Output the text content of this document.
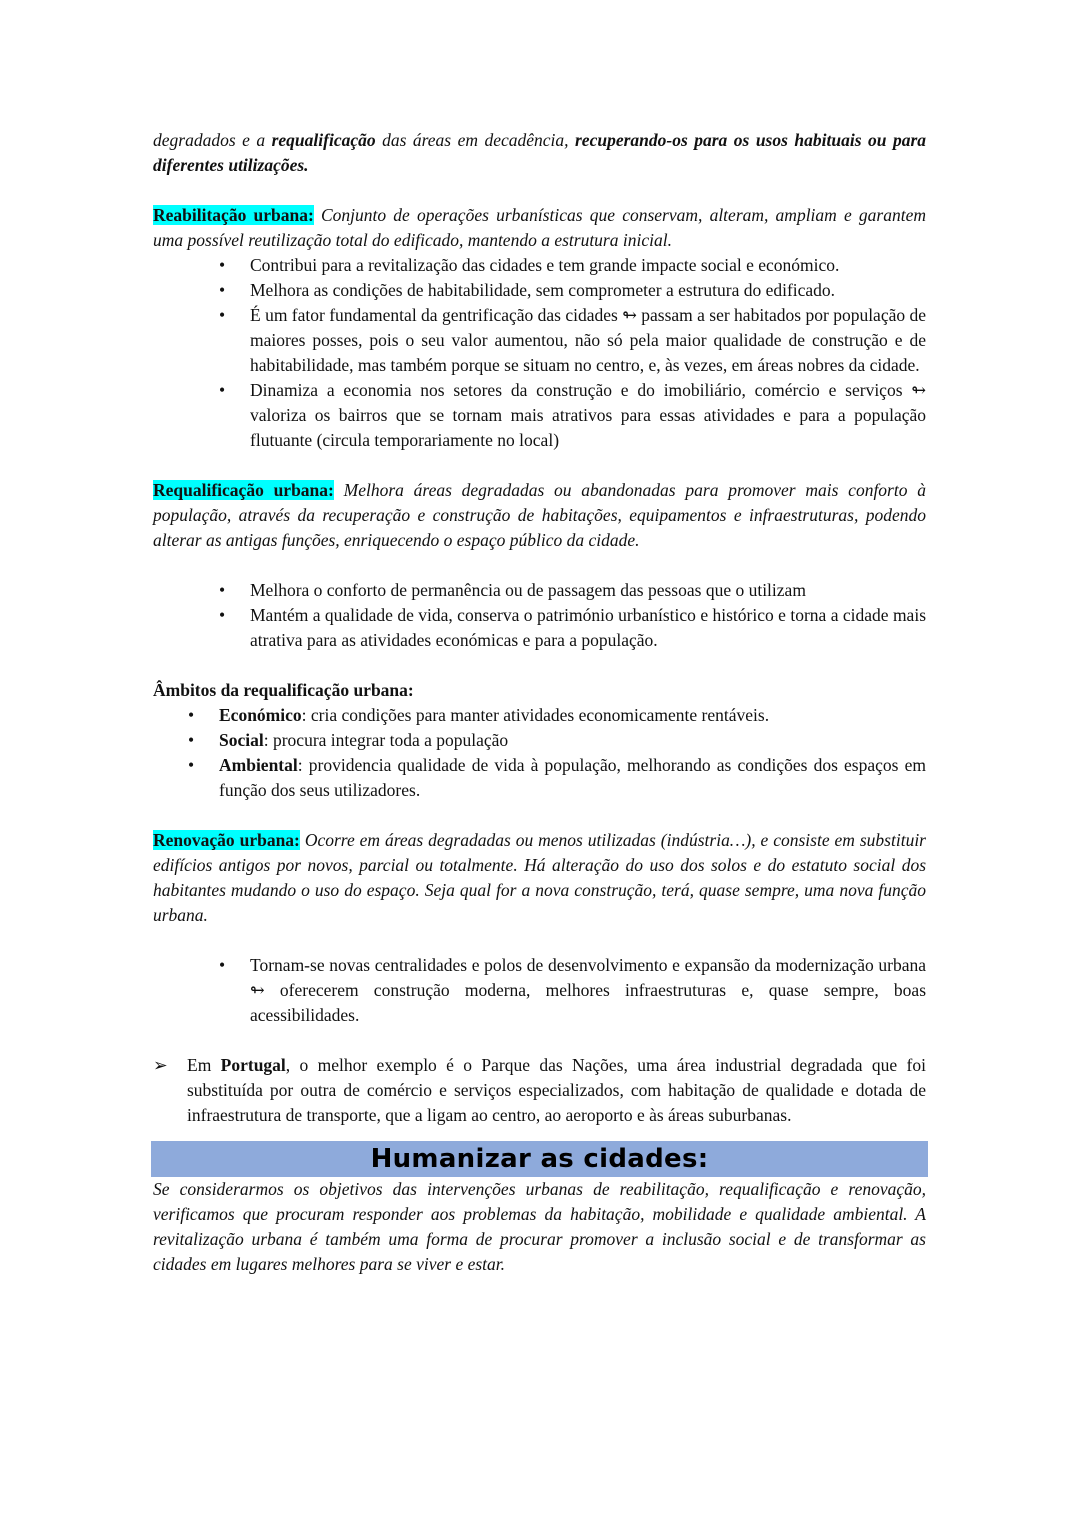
degradados e a requalificação das áreas em decadência, recuperando-os para os usos habituais ou para diferentes utilizações.

Reabilitação urbana: Conjunto de operações urbanísticas que conservam, alteram, ampliam e garantem uma possível reutilização total do edificado, mantendo a estrutura inicial.

• Contribui para a revitalização das cidades e tem grande impacte social e económico.
• Melhora as condições de habitabilidade, sem comprometer a estrutura do edificado.
• É um fator fundamental da gentrificação das cidades ↬ passam a ser habitados por população de maiores posses, pois o seu valor aumentou, não só pela maior qualidade de construção e de habitabilidade, mas também porque se situam no centro, e, às vezes, em áreas nobres da cidade.
• Dinamiza a economia nos setores da construção e do imobiliário, comércio e serviços ↬ valoriza os bairros que se tornam mais atrativos para essas atividades e para a população flutuante (circula temporariamente no local)

Requalificação urbana: Melhora áreas degradadas ou abandonadas para promover mais conforto à população, através da recuperação e construção de habitações, equipamentos e infraestruturas, podendo alterar as antigas funções, enriquecendo o espaço público da cidade.

• Melhora o conforto de permanência ou de passagem das pessoas que o utilizam
• Mantém a qualidade de vida, conserva o património urbanístico e histórico e torna a cidade mais atrativa para as atividades económicas e para a população.

Âmbitos da requalificação urbana:

• Económico: cria condições para manter atividades economicamente rentáveis.
• Social: procura integrar toda a população
• Ambiental: providencia qualidade de vida à população, melhorando as condições dos espaços em função dos seus utilizadores.

Renovação urbana: Ocorre em áreas degradadas ou menos utilizadas (indústria…), e consiste em substituir edifícios antigos por novos, parcial ou totalmente. Há alteração do uso dos solos e do estatuto social dos habitantes mudando o uso do espaço. Seja qual for a nova construção, terá, quase sempre, uma nova função urbana.

• Tornam-se novas centralidades e polos de desenvolvimento e expansão da modernização urbana ↬ oferecerem construção moderna, melhores infraestruturas e, quase sempre, boas acessibilidades.

➢ Em Portugal, o melhor exemplo é o Parque das Nações, uma área industrial degradada que foi substituída por outra de comércio e serviços especializados, com habitação de qualidade e dotada de infraestrutura de transporte, que a ligam ao centro, ao aeroporto e às áreas suburbanas.

Humanizar as cidades:

Se considerarmos os objetivos das intervenções urbanas de reabilitação, requalificação e renovação, verificamos que procuram responder aos problemas da habitação, mobilidade e qualidade ambiental. A revitalização urbana é também uma forma de procurar promover a inclusão social e de transformar as cidades em lugares melhores para se viver e estar.
